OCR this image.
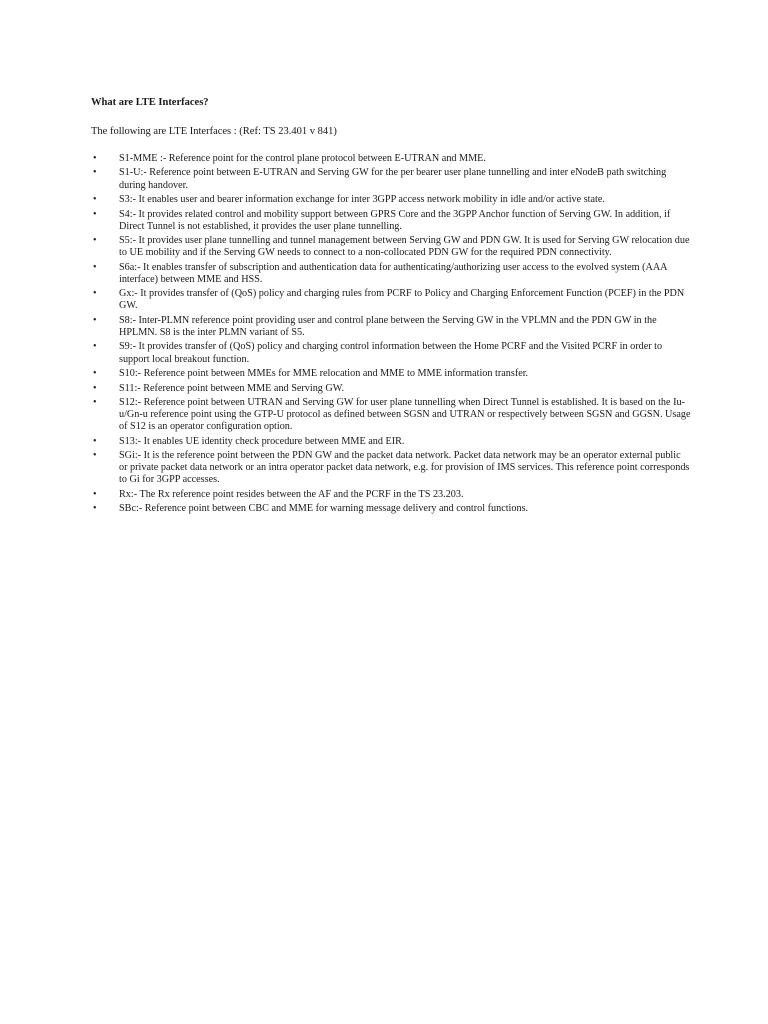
What are LTE Interfaces?

The following are LTE Interfaces : (Ref: TS 23.401 v 841)

• S1-MME :- Reference point for the control plane protocol between E-UTRAN and MME.
• S1-U:- Reference point between E-UTRAN and Serving GW for the per bearer user plane tunnelling and inter eNodeB path switching during handover.
• S3:- It enables user and bearer information exchange for inter 3GPP access network mobility in idle and/or active state.
• S4:- It provides related control and mobility support between GPRS Core and the 3GPP Anchor function of Serving GW. In addition, if Direct Tunnel is not established, it provides the user plane tunnelling.
• S5:- It provides user plane tunnelling and tunnel management between Serving GW and PDN GW. It is used for Serving GW relocation due to UE mobility and if the Serving GW needs to connect to a non-collocated PDN GW for the required PDN connectivity.
• S6a:- It enables transfer of subscription and authentication data for authenticating/authorizing user access to the evolved system (AAA interface) between MME and HSS.
• Gx:- It provides transfer of (QoS) policy and charging rules from PCRF to Policy and Charging Enforcement Function (PCEF) in the PDN GW.
• S8:- Inter-PLMN reference point providing user and control plane between the Serving GW in the VPLMN and the PDN GW in the HPLMN. S8 is the inter PLMN variant of S5.
• S9:- It provides transfer of (QoS) policy and charging control information between the Home PCRF and the Visited PCRF in order to support local breakout function.
• S10:- Reference point between MMEs for MME relocation and MME to MME information transfer.
• S11:- Reference point between MME and Serving GW.
• S12:- Reference point between UTRAN and Serving GW for user plane tunnelling when Direct Tunnel is established. It is based on the Iu-u/Gn-u reference point using the GTP-U protocol as defined between SGSN and UTRAN or respectively between SGSN and GGSN. Usage of S12 is an operator configuration option.
• S13:- It enables UE identity check procedure between MME and EIR.
• SGi:- It is the reference point between the PDN GW and the packet data network. Packet data network may be an operator external public or private packet data network or an intra operator packet data network, e.g. for provision of IMS services. This reference point corresponds to Gi for 3GPP accesses.
• Rx:- The Rx reference point resides between the AF and the PCRF in the TS 23.203.
• SBc:- Reference point between CBC and MME for warning message delivery and control functions.
